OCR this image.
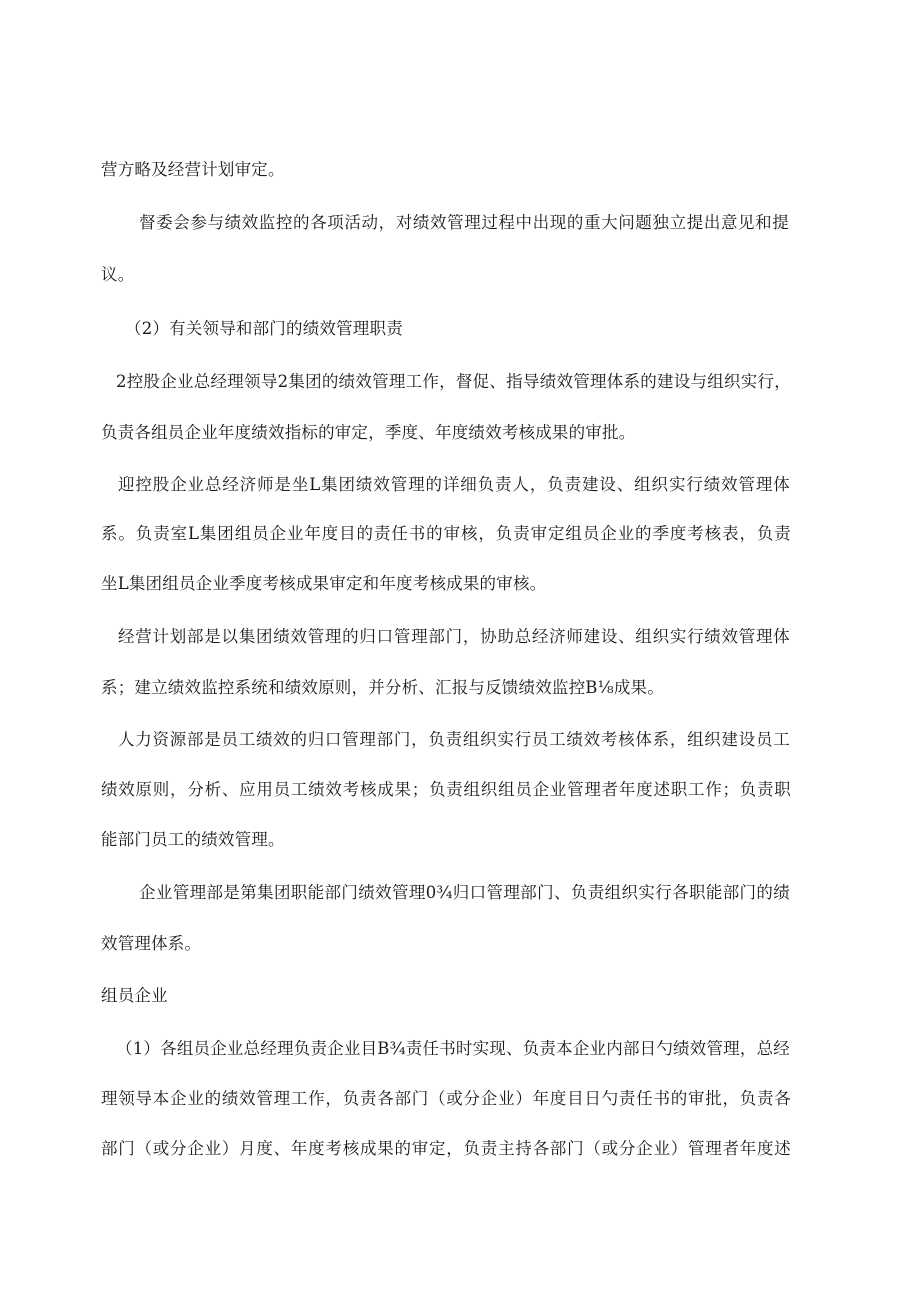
营方略及经营计划审定。
督委会参与绩效监控的各项活动，对绩效管理过程中出现的重大问题独立提出意见和提
议。
（2）有关领导和部门的绩效管理职责
2控股企业总经理领导2集团的绩效管理工作，督促、指导绩效管理体系的建设与组织实行，
负责各组员企业年度绩效指标的审定，季度、年度绩效考核成果的审批。
迎控股企业总经济师是坐L集团绩效管理的详细负责人，负责建设、组织实行绩效管理体
系。负责室L集团组员企业年度目的责任书的审核，负责审定组员企业的季度考核表，负责
坐L集团组员企业季度考核成果审定和年度考核成果的审核。
经营计划部是以集团绩效管理的归口管理部门，协助总经济师建设、组织实行绩效管理体
系；建立绩效监控系统和绩效原则，并分析、汇报与反馈绩效监控B⅛成果。
人力资源部是员工绩效的归口管理部门，负责组织实行员工绩效考核体系，组织建设员工
绩效原则，分析、应用员工绩效考核成果；负责组织组员企业管理者年度述职工作；负责职
能部门员工的绩效管理。
企业管理部是第集团职能部门绩效管理0¾归口管理部门、负责组织实行各职能部门的绩
效管理体系。
组员企业
（1）各组员企业总经理负责企业目B¾责任书时实现、负责本企业内部日勺绩效管理，总经
理领导本企业的绩效管理工作，负责各部门（或分企业）年度目日勺责任书的审批，负责各
部门（或分企业）月度、年度考核成果的审定，负责主持各部门（或分企业）管理者年度述
